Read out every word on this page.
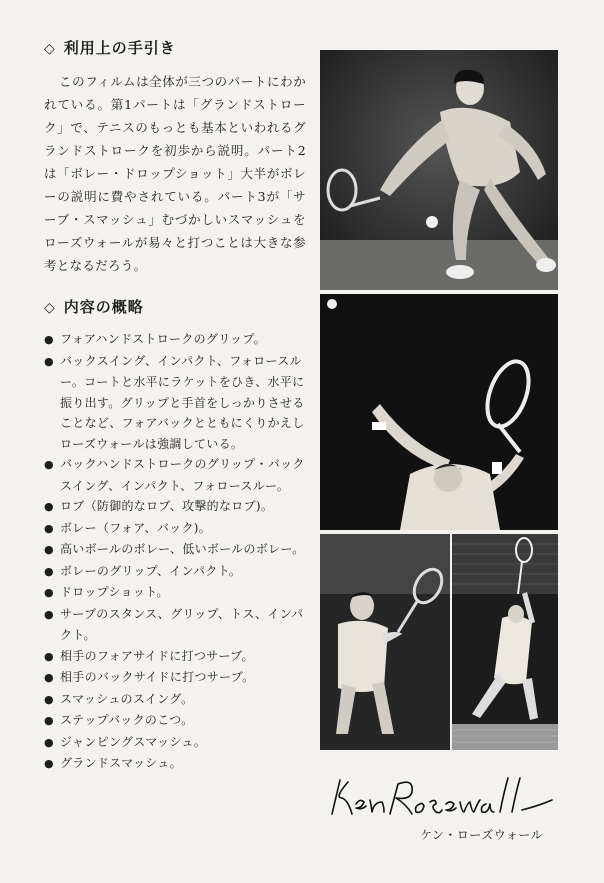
◇ 利用上の手引き

このフィルムは全体が三つのパートにわかれている。第1パートは「グランドストローク」で、テニスのもっとも基本といわれるグランドストロークを初歩から説明。パート2は「ボレー・ドロップショット」大半がボレーの説明に費やされている。パート3が「サーブ・スマッシュ」むづかしいスマッシュをローズウォールが易々と打つことは大きな参考となるだろう。

◇ 内容の概略
● フォアハンドストロークのグリップ。
● バックスイング、インパクト、フォロースルー。コートと水平にラケットをひき、水平に振り出す。グリップと手首をしっかりさせることなど、フォアバックとともにくりかえしローズウォールは強調している。
● バックハンドストロークのグリップ・バックスイング、インパクト、フォロースルー。
● ロブ（防御的なロブ、攻撃的なロブ)。
● ボレー（フォア、バック)。
● 高いボールのボレー、低いボールのボレー。
● ボレーのグリップ、インパクト。
● ドロップショット。
● サーブのスタンス、グリップ、トス、インパクト。
● 相手のフォアサイドに打つサーブ。
● 相手のバックサイドに打つサーブ。
● スマッシュのスイング。
● ステップバックのこつ。
● ジャンピングスマッシュ。
● グランドスマッシュ。
ケン・ローズウォール
